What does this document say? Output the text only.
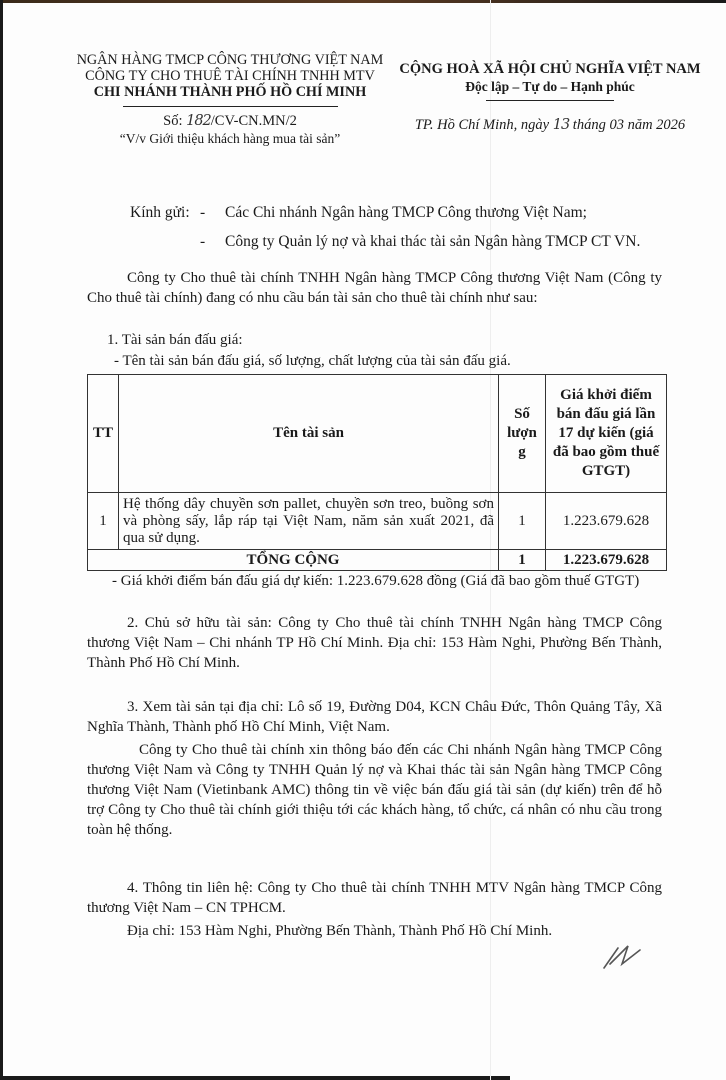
NGÂN HÀNG TMCP CÔNG THƯƠNG VIỆT NAM
CÔNG TY CHO THUÊ TÀI CHÍNH TNHH MTV
CHI NHÁNH THÀNH PHỐ HỒ CHÍ MINH
Số: 182/CV-CN.MN/2
“V/v Giới thiệu khách hàng mua tài sản”
CỘNG HOÀ XÃ HỘI CHỦ NGHĨA VIỆT NAM
Độc lập – Tự do – Hạnh phúc
TP. Hồ Chí Minh, ngày 13 tháng 03 năm 2026
Kính gửi: -	Các Chi nhánh Ngân hàng TMCP Công thương Việt Nam;
-	Công ty Quản lý nợ và khai thác tài sản Ngân hàng TMCP CT VN.
Công ty Cho thuê tài chính TNHH Ngân hàng TMCP Công thương Việt Nam (Công ty Cho thuê tài chính) đang có nhu cầu bán tài sản cho thuê tài chính như sau:
1. Tài sản bán đấu giá:
- Tên tài sản bán đấu giá, số lượng, chất lượng của tài sản đấu giá.
TT	Tên tài sản	Số lượn g	Giá khởi điểm bán đấu giá lần 17 dự kiến (giá đã bao gồm thuế GTGT)
1	Hệ thống dây chuyền sơn pallet, chuyền sơn treo, buồng sơn và phòng sấy, lắp ráp tại Việt Nam, năm sản xuất 2021, đã qua sử dụng.	1	1.223.679.628
TỔNG CỘNG		1	1.223.679.628
- Giá khởi điểm bán đấu giá dự kiến: 1.223.679.628 đồng (Giá đã bao gồm thuế GTGT)
2. Chủ sở hữu tài sản: Công ty Cho thuê tài chính TNHH Ngân hàng TMCP Công thương Việt Nam – Chi nhánh TP Hồ Chí Minh. Địa chỉ: 153 Hàm Nghi, Phường Bến Thành, Thành Phố Hồ Chí Minh.
3. Xem tài sản tại địa chỉ: Lô số 19, Đường D04, KCN Châu Đức, Thôn Quảng Tây, Xã Nghĩa Thành, Thành phố Hồ Chí Minh, Việt Nam.
Công ty Cho thuê tài chính xin thông báo đến các Chi nhánh Ngân hàng TMCP Công thương Việt Nam và Công ty TNHH Quản lý nợ và Khai thác tài sản Ngân hàng TMCP Công thương Việt Nam (Vietinbank AMC) thông tin về việc bán đấu giá tài sản (dự kiến) trên để hỗ trợ Công ty Cho thuê tài chính giới thiệu tới các khách hàng, tổ chức, cá nhân có nhu cầu trong toàn hệ thống.
4. Thông tin liên hệ: Công ty Cho thuê tài chính TNHH MTV Ngân hàng TMCP Công thương Việt Nam – CN TPHCM.
Địa chỉ: 153 Hàm Nghi, Phường Bến Thành, Thành Phố Hồ Chí Minh.
